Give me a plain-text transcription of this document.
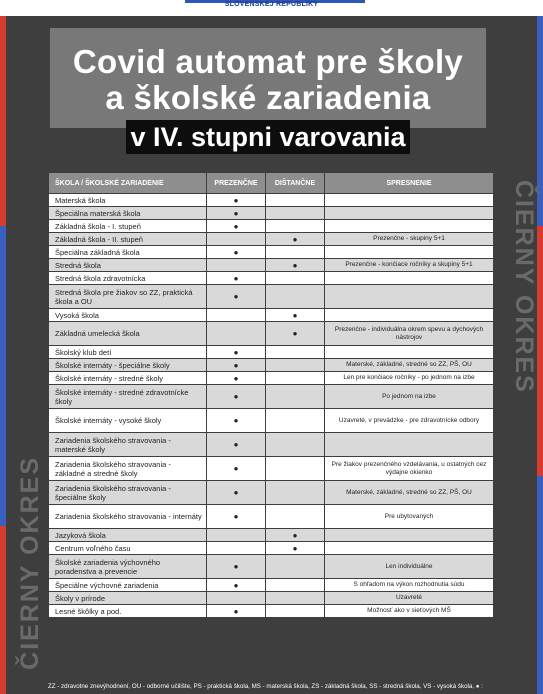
SLOVENSKEJ REPUBLIKY
Covid automat pre školy
a školské zariadenia
v IV. stupni varovania
ČIERNY OKRES
ČIERNY OKRES
ŠKOLA / ŠKOLSKÉ ZARIADENIE	PREZENČNE	DIŠTANČNE	SPRESNENIE
Materská škola	●		
Špeciálna materská škola	●		
Základná škola - I. stupeň	●		
Základná škola - II. stupeň		●	Prezenčne - skupiny 5+1
Špeciálna základná škola	●		
Stredná škola		●	Prezenčne - končiace ročníky a skupiny 5+1
Stredná škola zdravotnícka	●		
Stredná škola pre žiakov so ZZ, praktická škola a OU	●		
Vysoká škola		●	
Základná umelecká škola		●	Prezenčne - individuálna okrem spevu a dychových nástrojov
Školský klub detí	●		
Školské internáty - špeciálne školy	●		Materské, základné, stredné so ZZ, PŠ, OU
Školské internáty - stredné školy	●		Len pre končiace ročníky - po jednom na izbe
Školské internáty - stredné zdravotnícke školy	●		Po jednom na izbe
Školské internáty - vysoké školy	●		Uzavreté, v prevádzke - pre zdravotnícke odbory
Zariadenia školského stravovania - materské školy	●		
Zariadenia školského stravovania - základné a stredné školy	●		Pre žiakov prezenčného vzdelávania, u ostatných cez výdajne okienko
Zariadenia školského stravovania - špeciálne školy	●		Materské, základné, stredné so ZZ, PŠ, OU
Zariadenia školského stravovania - internáty	●		Pre ubytovaných
Jazyková škola		●	
Centrum voľného času		●	
Školské zariadenia výchovného poradenstva a prevencie	●		Len individuálne
Špeciálne výchovné zariadenia	●		S ohľadom na výkon rozhodnutia súdu
Školy v prírode			Uzavreté
Lesné škôlky a pod.	●		Možnosť ako v sieťových MŠ
ZZ - zdravotne znevýhodnení, OU - odborné učilište, PŠ - praktická škola, MŠ - materská škola, ZŠ - základná škola, SŠ - stredná škola, VŠ - vysoká škola, ● :
